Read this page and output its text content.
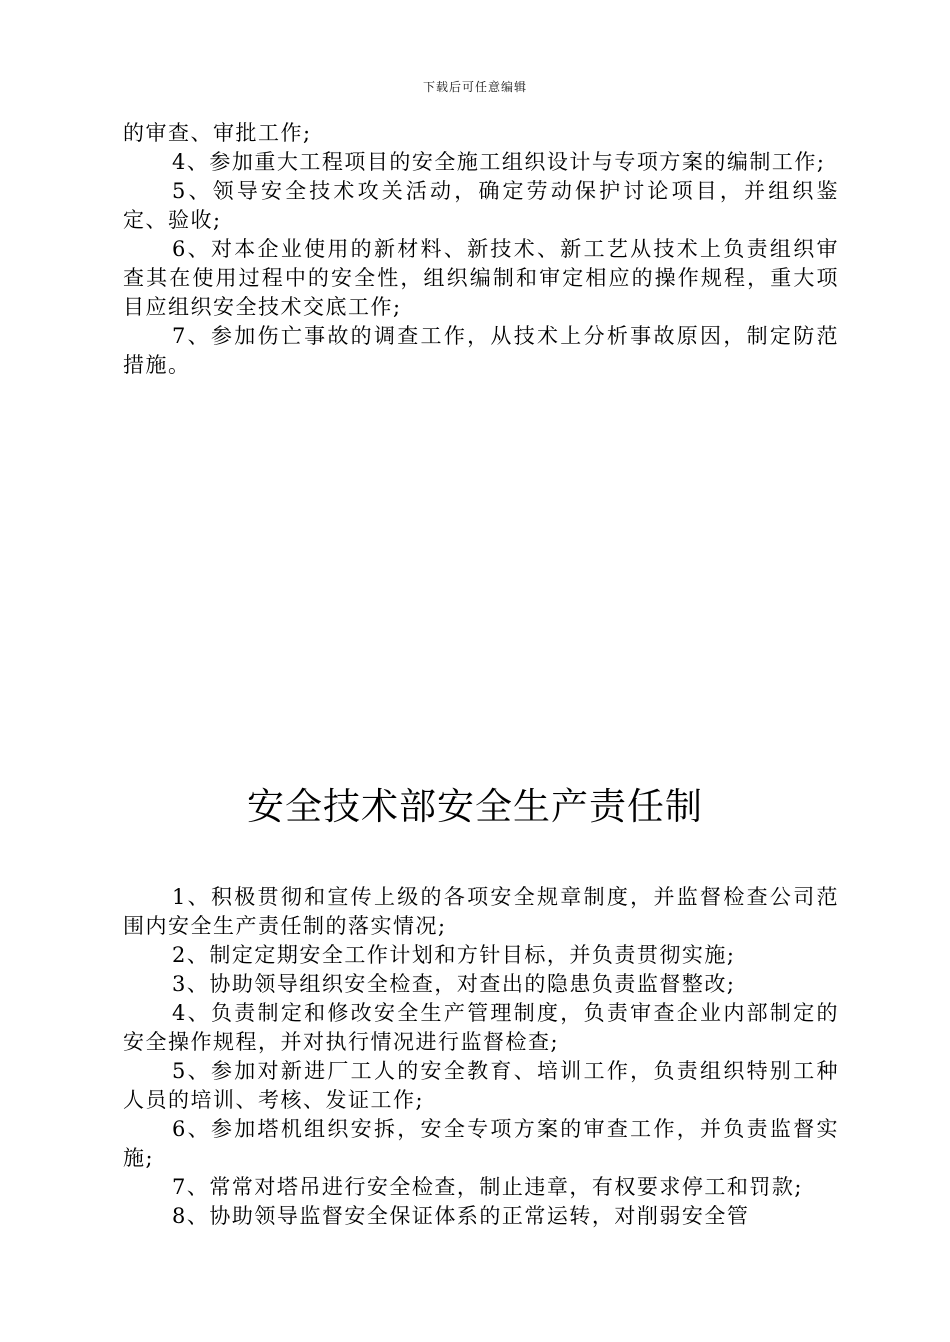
下载后可任意编辑

的审查、审批工作;

4、参加重大工程项目的安全施工组织设计与专项方案的编制工作;

5、领导安全技术攻关活动，确定劳动保护讨论项目，并组织鉴定、验收;

6、对本企业使用的新材料、新技术、新工艺从技术上负责组织审查其在使用过程中的安全性，组织编制和审定相应的操作规程，重大项目应组织安全技术交底工作;

7、参加伤亡事故的调查工作，从技术上分析事故原因，制定防范措施。

安全技术部安全生产责任制

1、积极贯彻和宣传上级的各项安全规章制度，并监督检查公司范围内安全生产责任制的落实情况;

2、制定定期安全工作计划和方针目标，并负责贯彻实施;

3、协助领导组织安全检查，对查出的隐患负责监督整改;

4、负责制定和修改安全生产管理制度，负责审查企业内部制定的安全操作规程，并对执行情况进行监督检查;

5、参加对新进厂工人的安全教育、培训工作，负责组织特别工种人员的培训、考核、发证工作;

6、参加塔机组织安拆，安全专项方案的审查工作，并负责监督实施;

7、常常对塔吊进行安全检查，制止违章，有权要求停工和罚款;

8、协助领导监督安全保证体系的正常运转，对削弱安全管
